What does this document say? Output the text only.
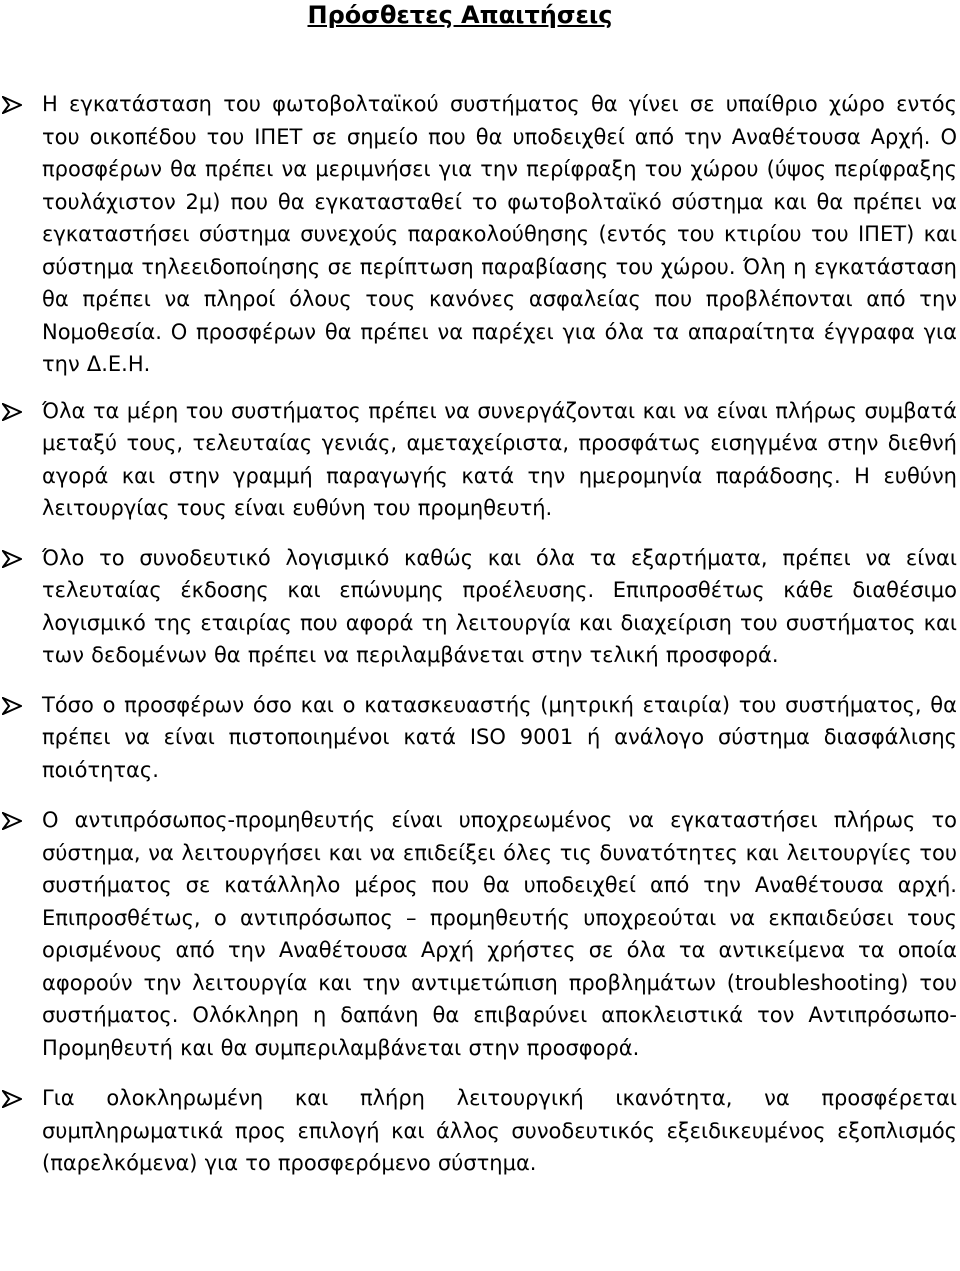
Πρόσθετες Απαιτήσεις
Η εγκατάσταση του φωτοβολταϊκού συστήματος θα γίνει σε υπαίθριο χώρο εντός του οικοπέδου του ΙΠΕΤ σε σημείο που θα υποδειχθεί από την Αναθέτουσα Αρχή. Ο προσφέρων θα πρέπει να μεριμνήσει για την περίφραξη του χώρου (ύψος περίφραξης τουλάχιστον 2μ) που θα εγκατασταθεί το φωτοβολταϊκό σύστημα και θα πρέπει να εγκαταστήσει σύστημα συνεχούς παρακολούθησης (εντός του κτιρίου του ΙΠΕΤ) και σύστημα τηλεειδοποίησης σε περίπτωση παραβίασης του χώρου. Όλη η εγκατάσταση θα πρέπει να πληροί όλους τους κανόνες ασφαλείας που προβλέπονται από την Νομοθεσία. Ο προσφέρων θα πρέπει να παρέχει για όλα τα απαραίτητα έγγραφα για την Δ.Ε.Η.
Όλα τα μέρη του συστήματος πρέπει να συνεργάζονται και να είναι πλήρως συμβατά μεταξύ τους, τελευταίας γενιάς, αμεταχείριστα, προσφάτως εισηγμένα στην διεθνή αγορά και στην γραμμή παραγωγής κατά την ημερομηνία παράδοσης. Η ευθύνη λειτουργίας τους είναι ευθύνη του προμηθευτή.
Όλο το συνοδευτικό λογισμικό καθώς και όλα τα εξαρτήματα, πρέπει να είναι τελευταίας έκδοσης και επώνυμης προέλευσης. Επιπροσθέτως κάθε διαθέσιμο λογισμικό της εταιρίας που αφορά τη λειτουργία και διαχείριση του συστήματος και των δεδομένων θα πρέπει να περιλαμβάνεται στην τελική προσφορά.
Τόσο ο προσφέρων όσο και ο κατασκευαστής (μητρική εταιρία) του συστήματος, θα πρέπει να είναι πιστοποιημένοι κατά ISO 9001 ή ανάλογο σύστημα διασφάλισης ποιότητας.
Ο αντιπρόσωπος-προμηθευτής είναι υποχρεωμένος να εγκαταστήσει πλήρως το σύστημα, να λειτουργήσει και να επιδείξει όλες τις δυνατότητες και λειτουργίες του συστήματος σε κατάλληλο μέρος που θα υποδειχθεί από την Αναθέτουσα αρχή. Επιπροσθέτως, ο αντιπρόσωπος – προμηθευτής υποχρεούται να εκπαιδεύσει τους ορισμένους από την Αναθέτουσα Αρχή χρήστες σε όλα τα αντικείμενα τα οποία αφορούν την λειτουργία και την αντιμετώπιση προβλημάτων (troubleshooting) του συστήματος. Ολόκληρη η δαπάνη θα επιβαρύνει αποκλειστικά τον Αντιπρόσωπο-Προμηθευτή και θα συμπεριλαμβάνεται στην προσφορά.
Για ολοκληρωμένη και πλήρη λειτουργική ικανότητα, να προσφέρεται συμπληρωματικά προς επιλογή και άλλος συνοδευτικός εξειδικευμένος εξοπλισμός (παρελκόμενα) για το προσφερόμενο σύστημα.
